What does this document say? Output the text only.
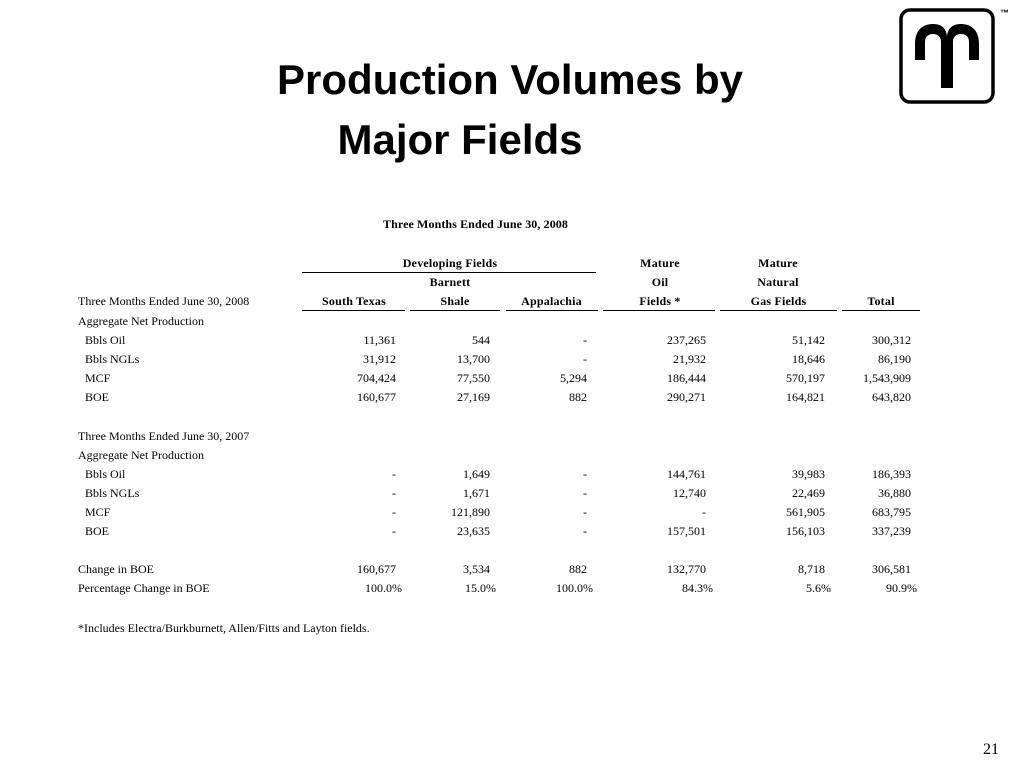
Production Volumes by
Major Fields
™
Three Months Ended June 30, 2008
Developing Fields
Barnett
Mature
Oil
Mature
Natural
Three Months Ended June 30, 2008	South Texas	Shale	Appalachia	Fields *	Gas Fields	Total
Aggregate Net Production
Bbls Oil	11,361	544	-	237,265	51,142	300,312
Bbls NGLs	31,912	13,700	-	21,932	18,646	86,190
MCF	704,424	77,550	5,294	186,444	570,197	1,543,909
BOE	160,677	27,169	882	290,271	164,821	643,820
Three Months Ended June 30, 2007
Aggregate Net Production
Bbls Oil	-	1,649	-	144,761	39,983	186,393
Bbls NGLs	-	1,671	-	12,740	22,469	36,880
MCF	-	121,890	-	-	561,905	683,795
BOE	-	23,635	-	157,501	156,103	337,239
Change in BOE	160,677	3,534	882	132,770	8,718	306,581
Percentage Change in BOE	100.0%	15.0%	100.0%	84.3%	5.6%	90.9%
*Includes Electra/Burkburnett, Allen/Fitts and Layton fields.
21
